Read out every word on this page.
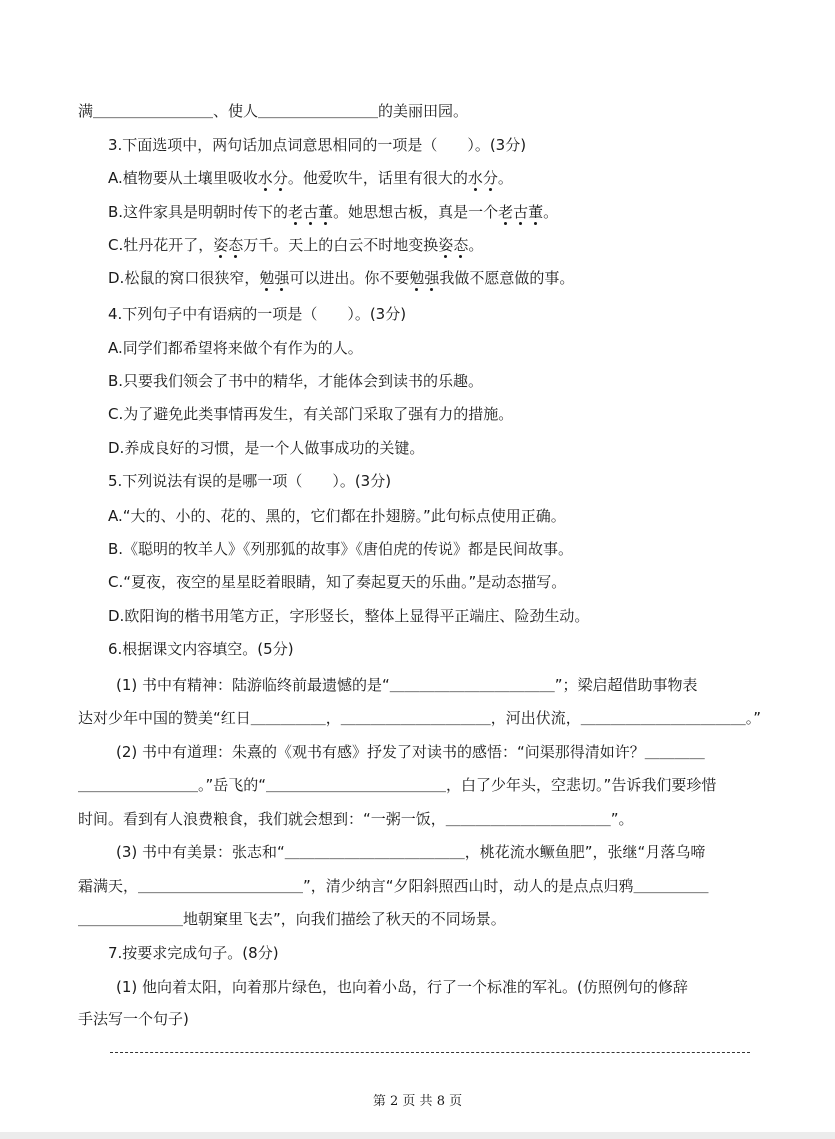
满＿＿＿＿＿＿＿＿、使人＿＿＿＿＿＿＿＿的美丽田园。
3.下面选项中，两句话加点词意思相同的一项是（　　）。(3分)
A.植物要从土壤里吸收水分。他爱吹牛，话里有很大的水分。
B.这件家具是明朝时传下的老古董。她思想古板，真是一个老古董。
C.牡丹花开了，姿态万千。天上的白云不时地变换姿态。
D.松鼠的窝口很狭窄，勉强可以进出。你不要勉强我做不愿意做的事。
4.下列句子中有语病的一项是（　　）。(3分)
A.同学们都希望将来做个有作为的人。
B.只要我们领会了书中的精华，才能体会到读书的乐趣。
C.为了避免此类事情再发生，有关部门采取了强有力的措施。
D.养成良好的习惯，是一个人做事成功的关键。
5.下列说法有误的是哪一项（　　）。(3分)
A.“大的、小的、花的、黑的，它们都在扑翅膀。”此句标点使用正确。
B.《聪明的牧羊人》《列那狐的故事》《唐伯虎的传说》都是民间故事。
C.“夏夜，夜空的星星眨着眼睛，知了奏起夏天的乐曲。”是动态描写。
D.欧阳询的楷书用笔方正，字形竖长，整体上显得平正端庄、险劲生动。
6.根据课文内容填空。(5分)
(1) 书中有精神：陆游临终前最遗憾的是“＿＿＿＿＿＿＿＿＿＿＿”；梁启超借助事物表
达对少年中国的赞美“红日＿＿＿＿＿，＿＿＿＿＿＿＿＿＿＿，河出伏流，＿＿＿＿＿＿＿＿＿＿＿。”
(2) 书中有道理：朱熹的《观书有感》抒发了对读书的感悟：“问渠那得清如许？＿＿＿＿
＿＿＿＿＿＿＿＿。”岳飞的“＿＿＿＿＿＿＿＿＿＿＿＿，白了少年头，空悲切。”告诉我们要珍惜
时间。看到有人浪费粮食，我们就会想到：“一粥一饭，＿＿＿＿＿＿＿＿＿＿＿”。
(3) 书中有美景：张志和“＿＿＿＿＿＿＿＿＿＿＿＿，桃花流水鳜鱼肥”，张继“月落乌啼
霜满天，＿＿＿＿＿＿＿＿＿＿＿”，清少纳言“夕阳斜照西山时，动人的是点点归鸦＿＿＿＿＿
＿＿＿＿＿＿＿地朝窠里飞去”，向我们描绘了秋天的不同场景。
7.按要求完成句子。(8分)
(1) 他向着太阳，向着那片绿色，也向着小岛，行了一个标准的军礼。(仿照例句的修辞
手法写一个句子)
第 2 页 共 8 页
